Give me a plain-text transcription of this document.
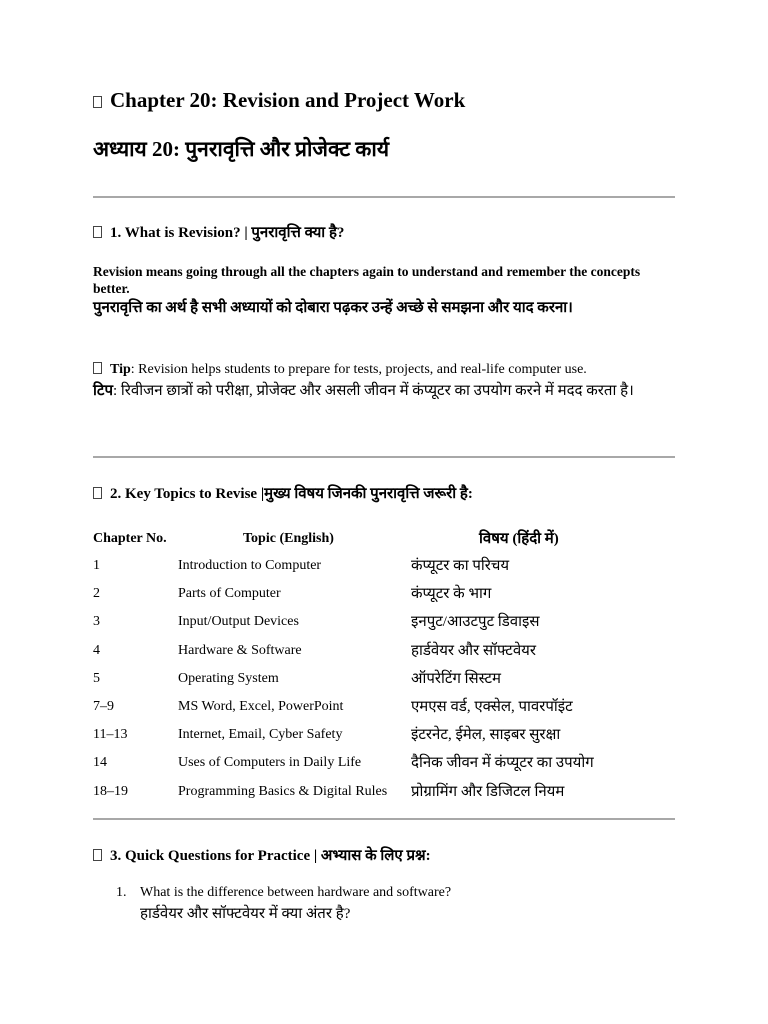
Chapter 20: Revision and Project Work
अध्याय 20: पुनरावृत्ति और प्रोजेक्ट कार्य
1. What is Revision? | पुनरावृत्ति क्या है?
Revision means going through all the chapters again to understand and remember the concepts better.
पुनरावृत्ति का अर्थ है सभी अध्यायों को दोबारा पढ़कर उन्हें अच्छे से समझना और याद करना।
Tip: Revision helps students to prepare for tests, projects, and real-life computer use.
टिप: रिवीजन छात्रों को परीक्षा, प्रोजेक्ट और असली जीवन में कंप्यूटर का उपयोग करने में मदद करता है।
2. Key Topics to Revise |मुख्य विषय जिनकी पुनरावृत्ति जरूरी है:
Chapter No.	Topic (English)	विषय (हिंदी में)
1	Introduction to Computer	कंप्यूटर का परिचय
2	Parts of Computer	कंप्यूटर के भाग
3	Input/Output Devices	इनपुट/आउटपुट डिवाइस
4	Hardware & Software	हार्डवेयर और सॉफ्टवेयर
5	Operating System	ऑपरेटिंग सिस्टम
7–9	MS Word, Excel, PowerPoint	एमएस वर्ड, एक्सेल, पावरपॉइंट
11–13	Internet, Email, Cyber Safety	इंटरनेट, ईमेल, साइबर सुरक्षा
14	Uses of Computers in Daily Life	दैनिक जीवन में कंप्यूटर का उपयोग
18–19	Programming Basics & Digital Rules प्रोग्रामिंग और डिजिटल नियम
3. Quick Questions for Practice | अभ्यास के लिए प्रश्न:
1. What is the difference between hardware and software?
हार्डवेयर और सॉफ्टवेयर में क्या अंतर है?
